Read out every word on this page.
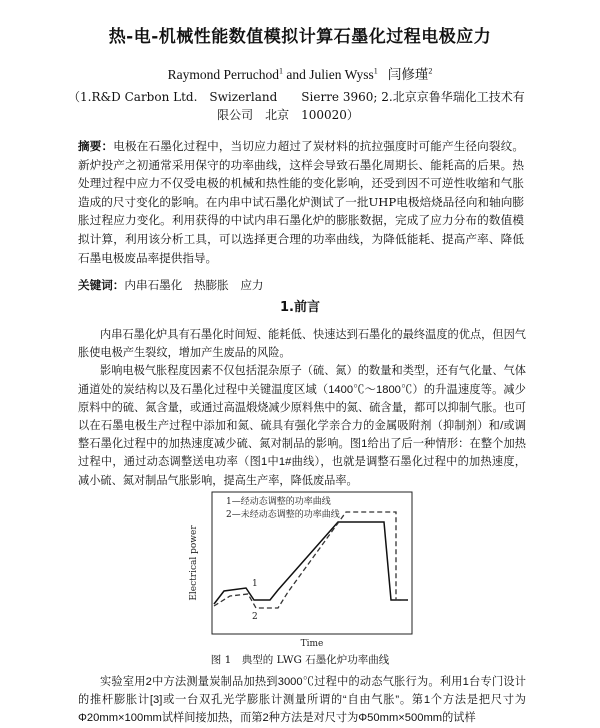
热-电-机械性能数值模拟计算石墨化过程电极应力
Raymond Perruchod$^1$ and Julien Wyss$^1$ 闫修瑾$^2$
（1.R&D Carbon Ltd.　Swizerland　　Sierre 3960; 2.北京京鲁华瑞化工技术有
限公司　北京　100020）
摘要：电极在石墨化过程中，当切应力超过了炭材料的抗拉强度时可能产生径向裂纹。新炉投产之初通常采用保守的功率曲线，这样会导致石墨化周期长、能耗高的后果。热处理过程中应力不仅受电极的机械和热性能的变化影响，还受到因不可逆性收缩和气胀造成的尺寸变化的影响。在内串中试石墨化炉测试了一批UHP电极焙烧品径向和轴向膨胀过程应力变化。利用获得的中试内串石墨化炉的膨胀数据，完成了应力分布的数值模拟计算，利用该分析工具，可以选择更合理的功率曲线，为降低能耗、提高产率、降低石墨电极废品率提供指导。
关键词：内串石墨化　热膨胀　应力
1.前言

内串石墨化炉具有石墨化时间短、能耗低、快速达到石墨化的最终温度的优点，但因气胀使电极产生裂纹，增加产生废品的风险。

影响电极气胀程度因素不仅包括混杂原子（硫、氮）的数量和类型，还有气化量、气体通道处的炭结构以及石墨化过程中关键温度区域（1400℃～1800℃）的升温速度等。减少原料中的硫、氮含量，或通过高温煅烧减少原料焦中的氮、硫含量，都可以抑制气胀。也可以在石墨电极生产过程中添加和氮、硫具有强化学亲合力的金属吸附剂（抑制剂）和/或调整石墨化过程中的加热速度减少硫、氮对制品的影响。图1给出了后一种情形：在整个加热过程中，通过动态调整送电功率（图1中1#曲线），也就是调整石墨化过程中的加热速度，减小硫、氮对制品气胀影响，提高生产率，降低废品率。

1—经动态调整的功率曲线
2—未经动态调整的功率曲线
Electrical power
Time
1
2
图 1　典型的 LWG 石墨化炉功率曲线

实验室用2中方法测量炭制品加热到3000℃过程中的动态气胀行为。利用1台专门设计的推杆膨胀计[3]或一台双孔光学膨胀计测量所谓的“自由气胀”。第1个方法是把尺寸为Φ20mm×100mm试样间接加热，而第2种方法是对尺寸为Φ50mm×500mm的试样
